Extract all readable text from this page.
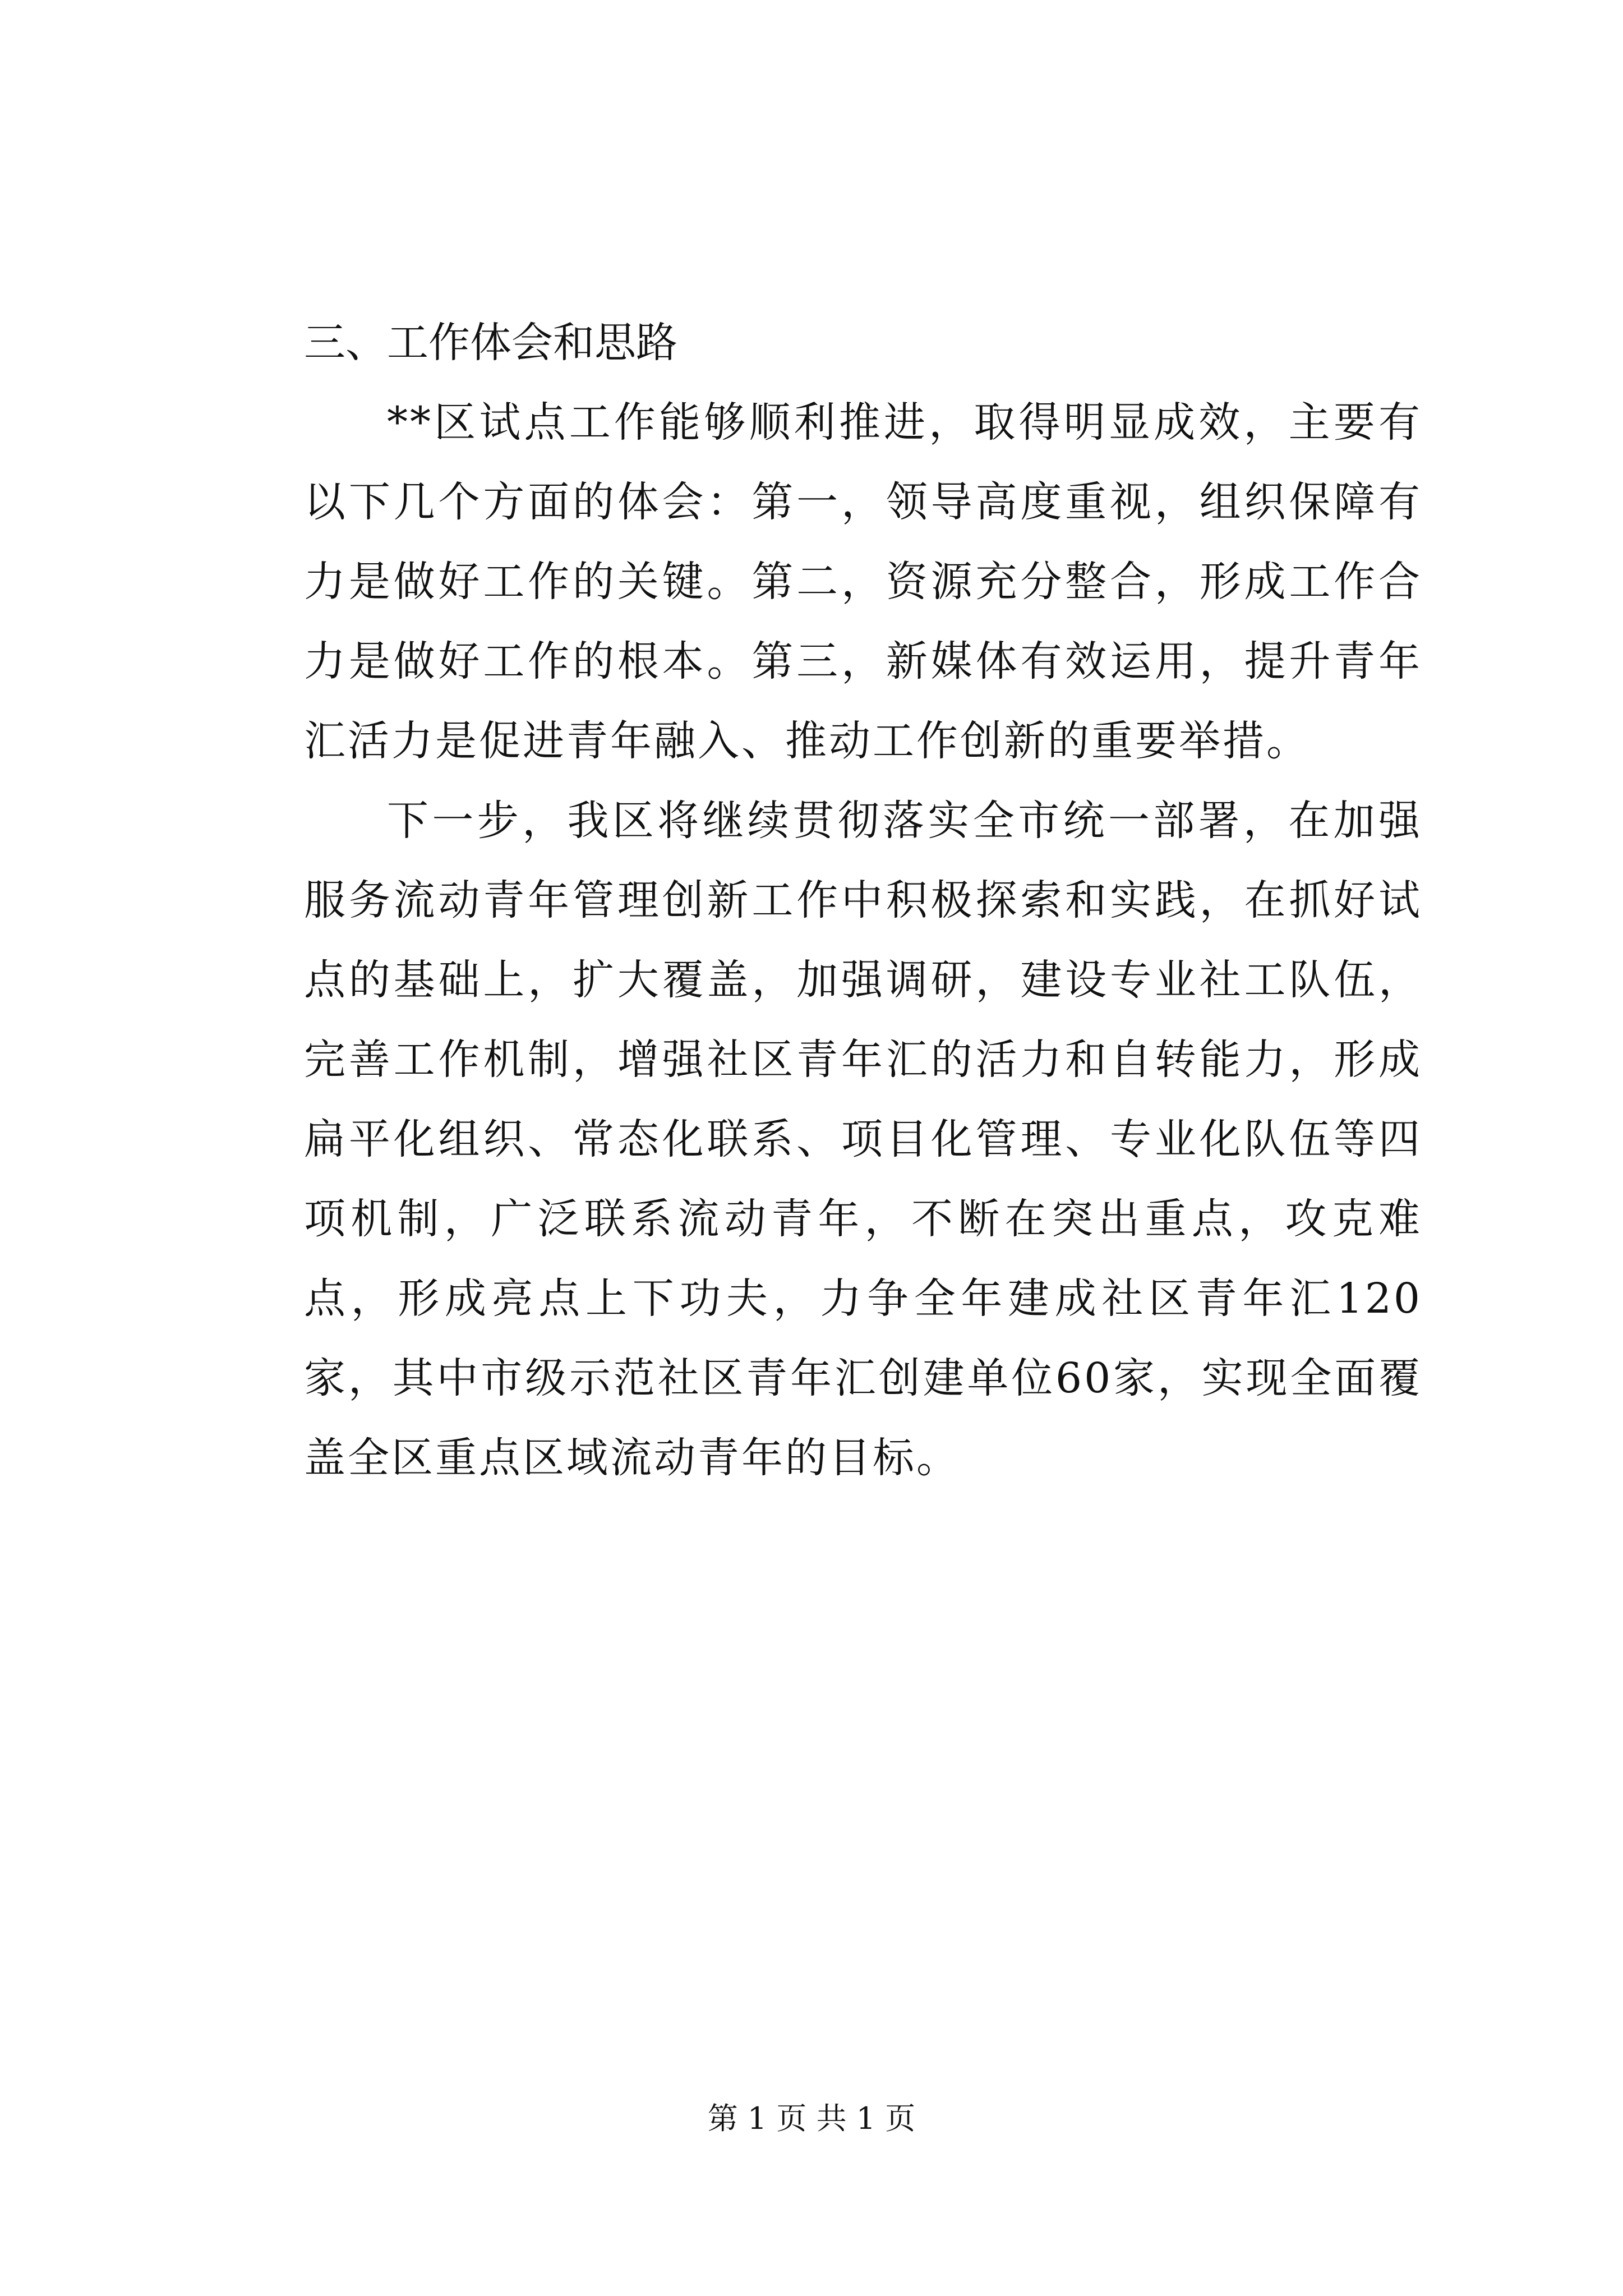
三、工作体会和思路

**区试点工作能够顺利推进，取得明显成效，主要有以下几个方面的体会：第一，领导高度重视，组织保障有力是做好工作的关键。第二，资源充分整合，形成工作合力是做好工作的根本。第三，新媒体有效运用，提升青年汇活力是促进青年融入、推动工作创新的重要举措。

下一步，我区将继续贯彻落实全市统一部署，在加强服务流动青年管理创新工作中积极探索和实践，在抓好试点的基础上，扩大覆盖，加强调研，建设专业社工队伍，完善工作机制，增强社区青年汇的活力和自转能力，形成扁平化组织、常态化联系、项目化管理、专业化队伍等四项机制，广泛联系流动青年，不断在突出重点，攻克难点，形成亮点上下功夫，力争全年建成社区青年汇120家，其中市级示范社区青年汇创建单位60家，实现全面覆盖全区重点区域流动青年的目标。

第 1 页 共 1 页
